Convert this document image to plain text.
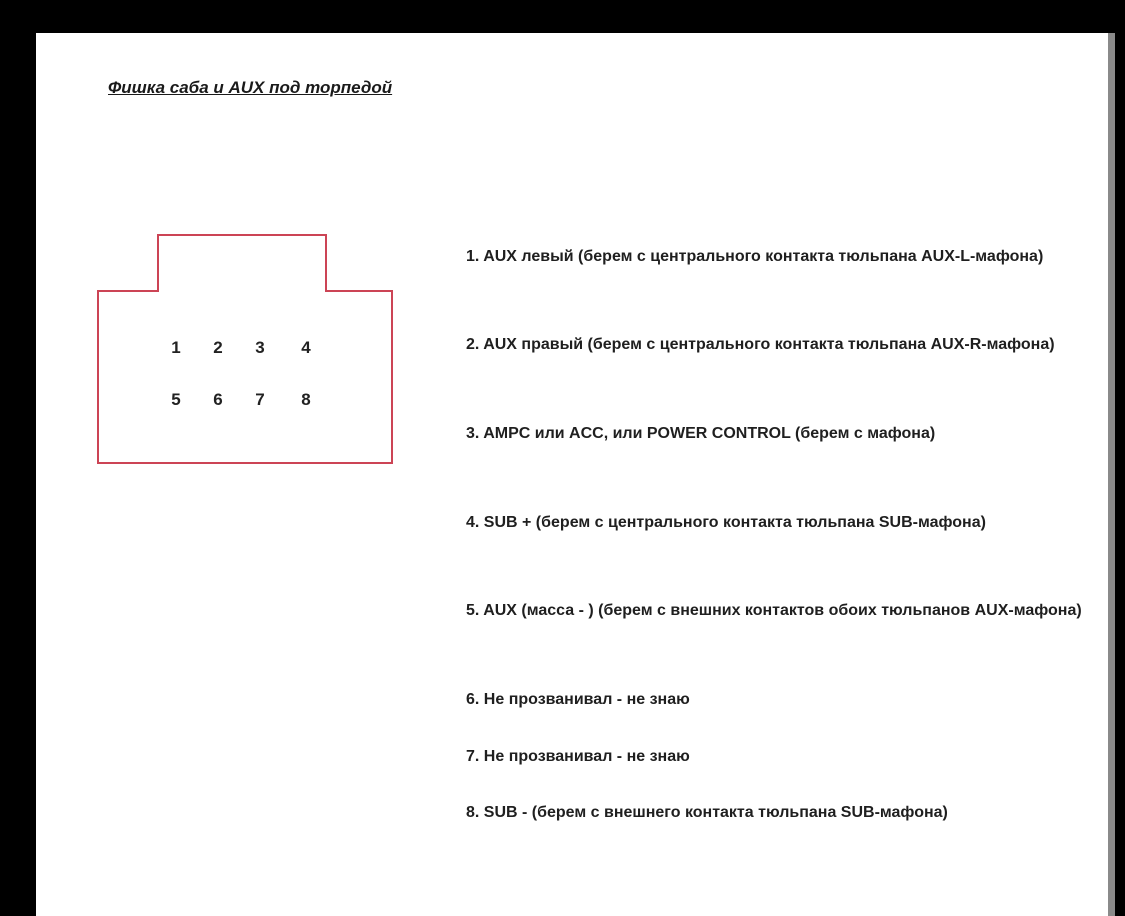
Фишка саба и AUX под торпедой
1 2 3 4
5 6 7 8
1. AUX левый (берем с центрального контакта тюльпана AUX-L-мафона)
2. AUX правый (берем с центрального контакта тюльпана AUX-R-мафона)
3. AMPC или ACC, или POWER CONTROL (берем с мафона)
4. SUB + (берем с центрального контакта тюльпана SUB-мафона)
5. AUX (масса - ) (берем с внешних контактов обоих тюльпанов AUX-мафона)
6. Не прозванивал - не знаю
7. Не прозванивал - не знаю
8. SUB - (берем с внешнего контакта тюльпана SUB-мафона)
